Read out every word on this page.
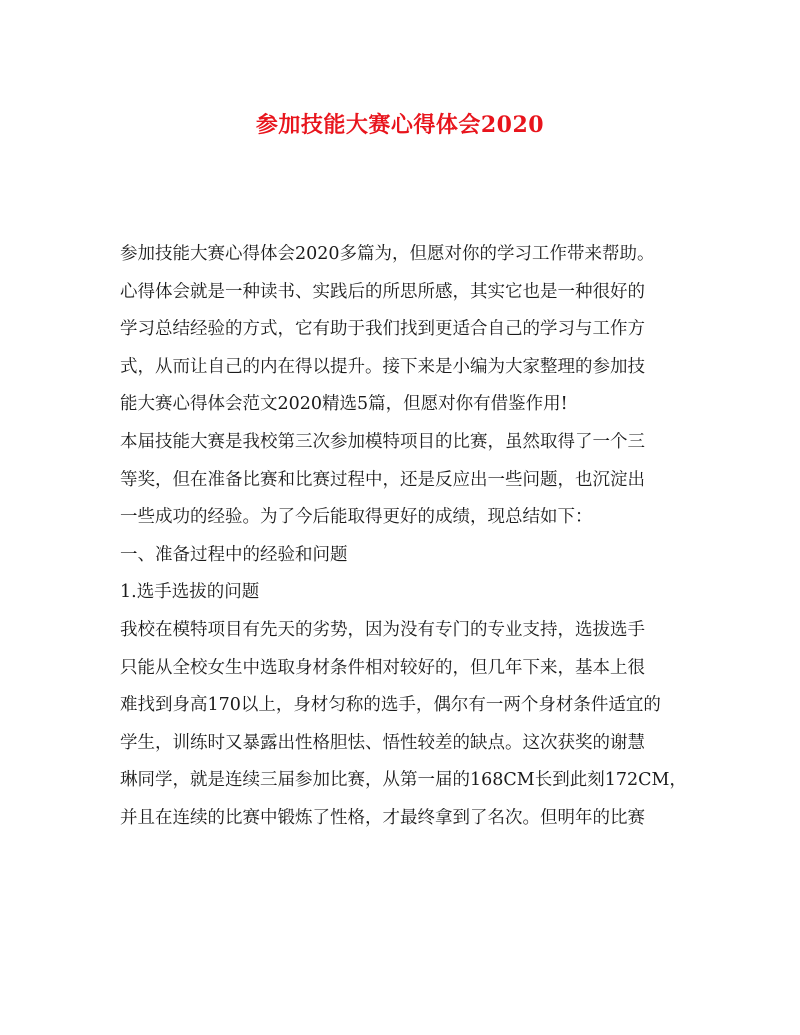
参加技能大赛心得体会2020
参加技能大赛心得体会2020多篇为，但愿对你的学习工作带来帮助。
心得体会就是一种读书、实践后的所思所感，其实它也是一种很好的
学习总结经验的方式，它有助于我们找到更适合自己的学习与工作方
式，从而让自己的内在得以提升。接下来是小编为大家整理的参加技
能大赛心得体会范文2020精选5篇，但愿对你有借鉴作用!
本届技能大赛是我校第三次参加模特项目的比赛，虽然取得了一个三
等奖，但在准备比赛和比赛过程中，还是反应出一些问题，也沉淀出
一些成功的经验。为了今后能取得更好的成绩，现总结如下：
一、准备过程中的经验和问题
1.选手选拔的问题
我校在模特项目有先天的劣势，因为没有专门的专业支持，选拔选手
只能从全校女生中选取身材条件相对较好的，但几年下来，基本上很
难找到身高170以上，身材匀称的选手，偶尔有一两个身材条件适宜的
学生，训练时又暴露出性格胆怯、悟性较差的缺点。这次获奖的谢慧
琳同学，就是连续三届参加比赛，从第一届的168CM长到此刻172CM，
并且在连续的比赛中锻炼了性格，才最终拿到了名次。但明年的比赛
